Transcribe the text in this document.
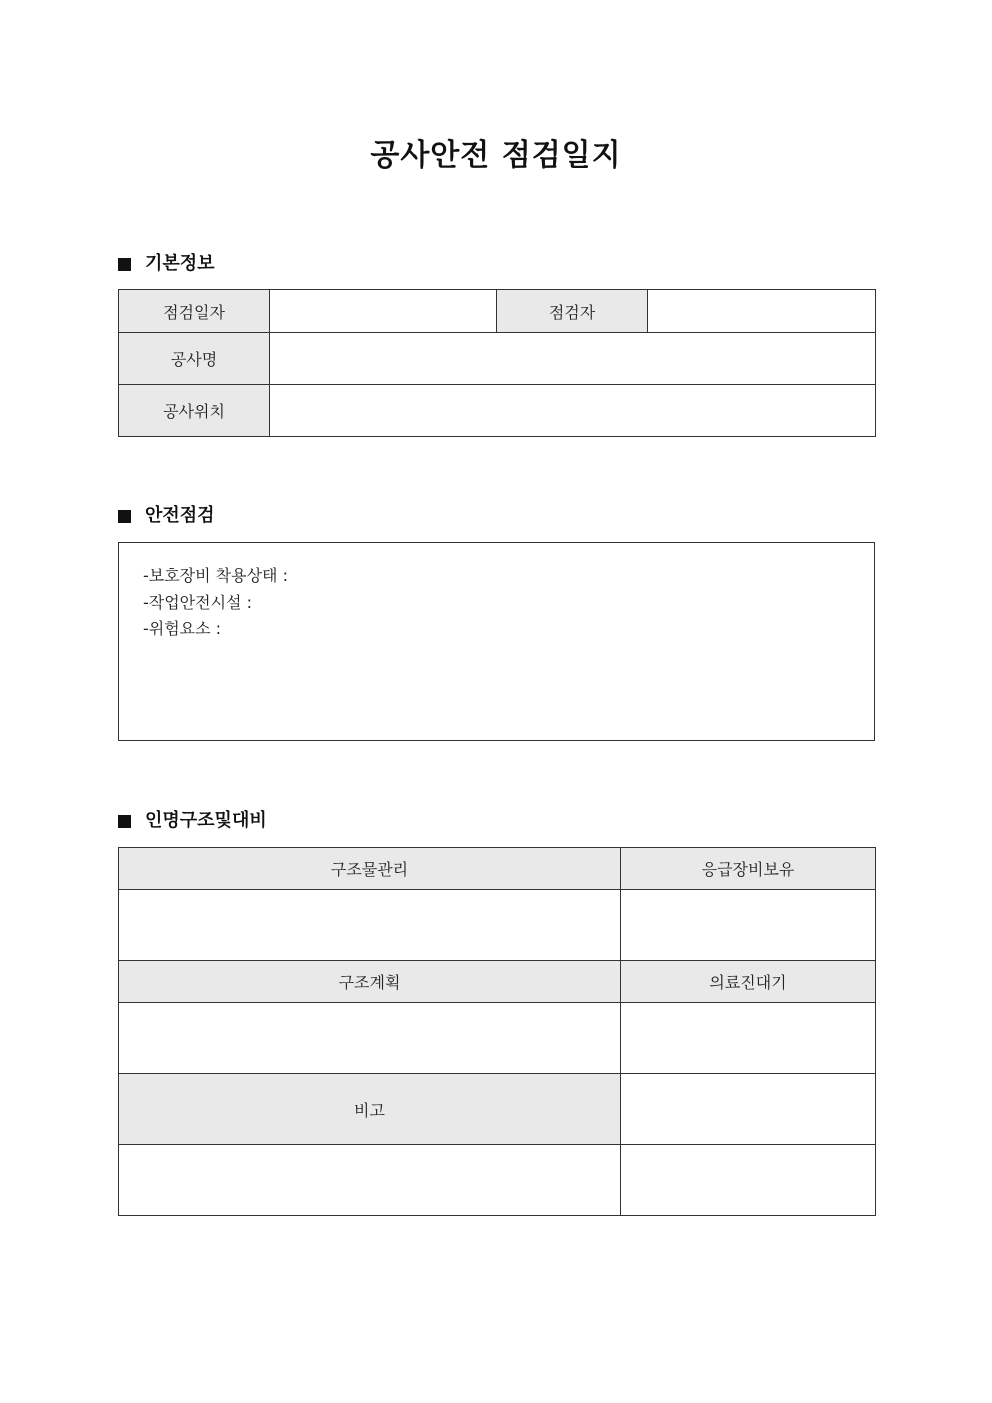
공사안전 점검일지
기본정보
점검일자		점검자	
공사명			
공사위치			
안전점검
-보호장비 착용상태 :
-작업안전시설 :
-위험요소 :
인명구조및대비
구조물관리	응급장비보유

구조계획	의료진대기

비고	
